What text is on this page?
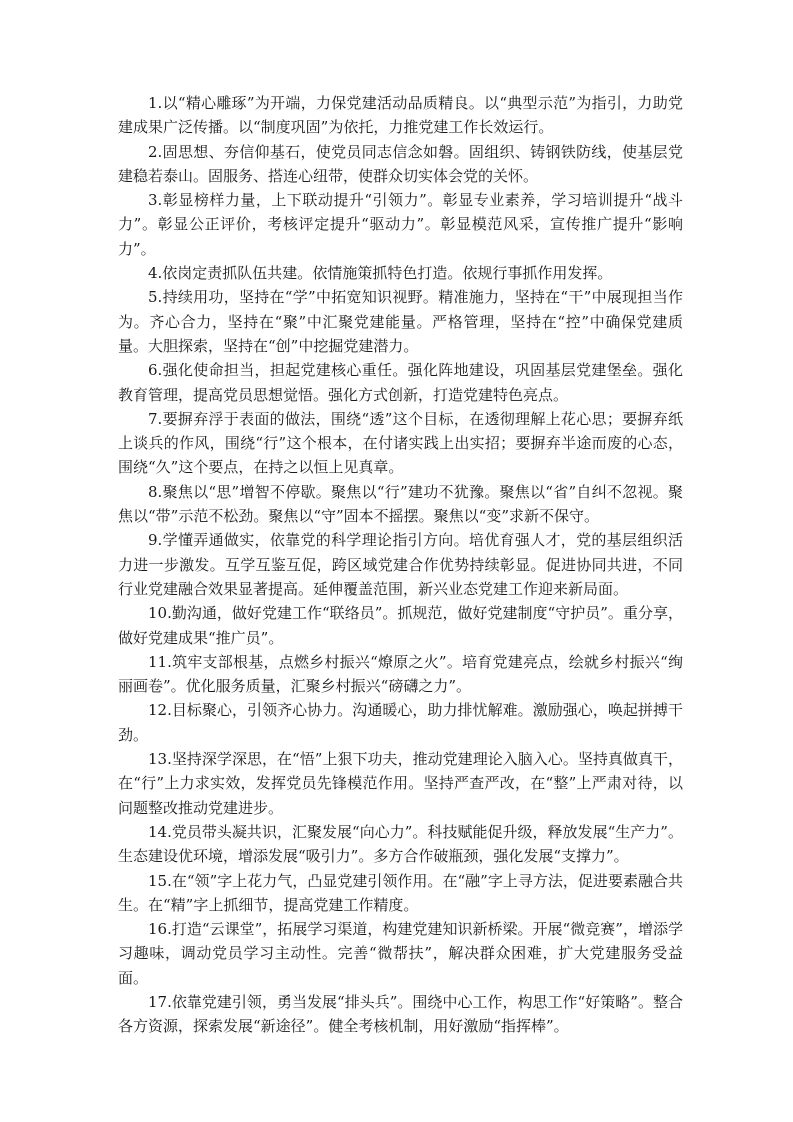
1.以“精心雕琢”为开端，力保党建活动品质精良。以“典型示范”为指引，力助党建成果广泛传播。以“制度巩固”为依托，力推党建工作长效运行。

2.固思想、夯信仰基石，使党员同志信念如磐。固组织、铸钢铁防线，使基层党建稳若泰山。固服务、搭连心纽带，使群众切实体会党的关怀。

3.彰显榜样力量，上下联动提升“引领力”。彰显专业素养，学习培训提升“战斗力”。彰显公正评价，考核评定提升“驱动力”。彰显模范风采，宣传推广提升“影响力”。

4.依岗定责抓队伍共建。依情施策抓特色打造。依规行事抓作用发挥。

5.持续用功，坚持在“学”中拓宽知识视野。精准施力，坚持在“干”中展现担当作为。齐心合力，坚持在“聚”中汇聚党建能量。严格管理，坚持在“控”中确保党建质量。大胆探索，坚持在“创”中挖掘党建潜力。

6.强化使命担当，担起党建核心重任。强化阵地建设，巩固基层党建堡垒。强化教育管理，提高党员思想觉悟。强化方式创新，打造党建特色亮点。

7.要摒弃浮于表面的做法，围绕“透”这个目标，在透彻理解上花心思；要摒弃纸上谈兵的作风，围绕“行”这个根本，在付诸实践上出实招；要摒弃半途而废的心态，围绕“久”这个要点，在持之以恒上见真章。

8.聚焦以“思”增智不停歇。聚焦以“行”建功不犹豫。聚焦以“省”自纠不忽视。聚焦以“带”示范不松劲。聚焦以“守”固本不摇摆。聚焦以“变”求新不保守。

9.学懂弄通做实，依靠党的科学理论指引方向。培优育强人才，党的基层组织活力进一步激发。互学互鉴互促，跨区域党建合作优势持续彰显。促进协同共进，不同行业党建融合效果显著提高。延伸覆盖范围，新兴业态党建工作迎来新局面。

10.勤沟通，做好党建工作“联络员”。抓规范，做好党建制度“守护员”。重分享，做好党建成果“推广员”。

11.筑牢支部根基，点燃乡村振兴“燎原之火”。培育党建亮点，绘就乡村振兴“绚丽画卷”。优化服务质量，汇聚乡村振兴“磅礴之力”。

12.目标聚心，引领齐心协力。沟通暖心，助力排忧解难。激励强心，唤起拼搏干劲。

13.坚持深学深思，在“悟”上狠下功夫，推动党建理论入脑入心。坚持真做真干，在“行”上力求实效，发挥党员先锋模范作用。坚持严查严改，在“整”上严肃对待，以问题整改推动党建进步。

14.党员带头凝共识，汇聚发展“向心力”。科技赋能促升级，释放发展“生产力”。生态建设优环境，增添发展“吸引力”。多方合作破瓶颈，强化发展“支撑力”。

15.在“领”字上花力气，凸显党建引领作用。在“融”字上寻方法，促进要素融合共生。在“精”字上抓细节，提高党建工作精度。

16.打造“云课堂”，拓展学习渠道，构建党建知识新桥梁。开展“微竞赛”，增添学习趣味，调动党员学习主动性。完善“微帮扶”，解决群众困难，扩大党建服务受益面。

17.依靠党建引领，勇当发展“排头兵”。围绕中心工作，构思工作“好策略”。整合各方资源，探索发展“新途径”。健全考核机制，用好激励“指挥棒”。
